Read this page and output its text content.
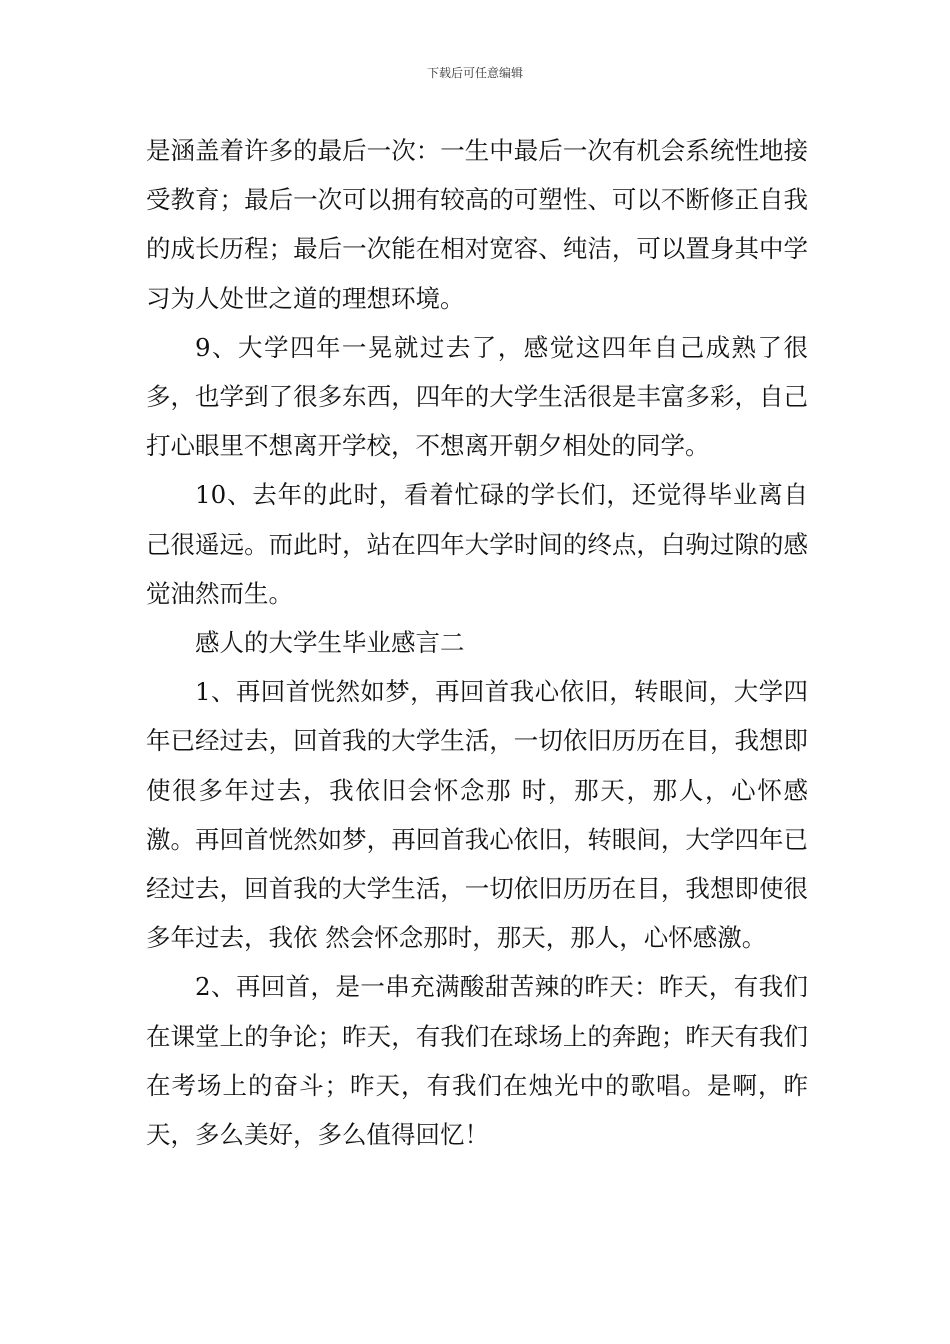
下载后可任意编辑

是涵盖着许多的最后一次：一生中最后一次有机会系统性地接受教育；最后一次可以拥有较高的可塑性、可以不断修正自我的成长历程；最后一次能在相对宽容、纯洁，可以置身其中学习为人处世之道的理想环境。

9、大学四年一晃就过去了，感觉这四年自己成熟了很多，也学到了很多东西，四年的大学生活很是丰富多彩，自己打心眼里不想离开学校，不想离开朝夕相处的同学。

10、去年的此时，看着忙碌的学长们，还觉得毕业离自己很遥远。而此时，站在四年大学时间的终点，白驹过隙的感觉油然而生。

感人的大学生毕业感言二

1、再回首恍然如梦，再回首我心依旧，转眼间，大学四年已经过去，回首我的大学生活，一切依旧历历在目，我想即使很多年过去，我依旧会怀念那 时，那天，那人，心怀感激。再回首恍然如梦，再回首我心依旧，转眼间，大学四年已经过去，回首我的大学生活，一切依旧历历在目，我想即使很多年过去，我依 然会怀念那时，那天，那人，心怀感激。

2、再回首，是一串充满酸甜苦辣的昨天：昨天，有我们在课堂上的争论；昨天，有我们在球场上的奔跑；昨天有我们在考场上的奋斗；昨天，有我们在烛光中的歌唱。是啊，昨天，多么美好，多么值得回忆！
